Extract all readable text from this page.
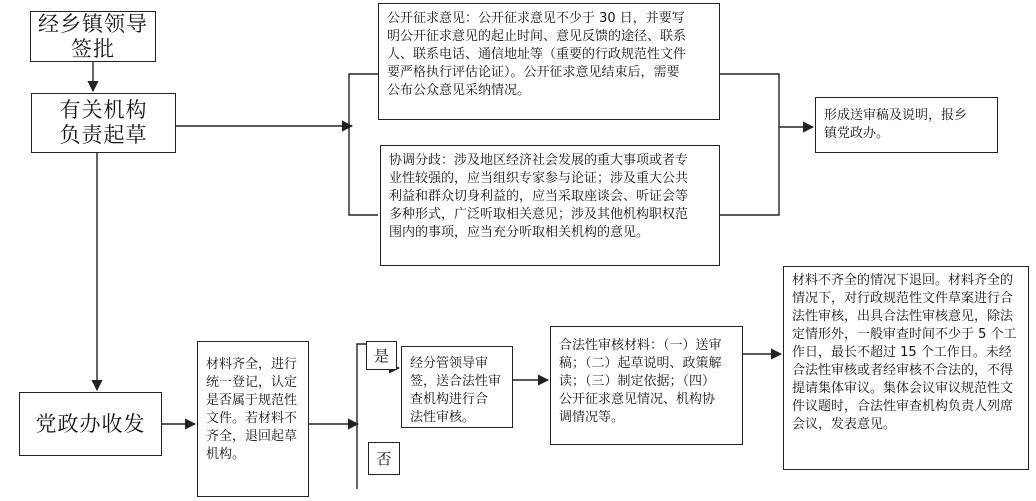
经乡镇领导
签批
有关机构
负责起草
党政办收发
公开征求意见：公开征求意见不少于 30 日，并要写
明公开征求意见的起止时间、意见反馈的途径、联系
人、联系电话、通信地址等（重要的行政规范性文件
要严格执行评估论证）。公开征求意见结束后，需要
公布公众意见采纳情况。
协调分歧：涉及地区经济社会发展的重大事项或者专
业性较强的，应当组织专家参与论证；涉及重大公共
利益和群众切身利益的，应当采取座谈会、听证会等
多种形式，广泛听取相关意见；涉及其他机构职权范
围内的事项，应当充分听取相关机构的意见。
形成送审稿及说明，报乡
镇党政办。
材料齐全，进行
统一登记，认定
是否属于规范性
文件。若材料不
齐全，退回起草
机构。
是
否
经分管领导审
签，送合法性审
查机构进行合
法性审核。
合法性审核材料：（一）送审
稿；（二）起草说明、政策解
读；（三）制定依据；（四）
公开征求意见情况、机构协
调情况等。
材料不齐全的情况下退回。材料齐全的
情况下，对行政规范性文件草案进行合
法性审核，出具合法性审核意见，除法
定情形外，一般审查时间不少于 5 个工
作日，最长不超过 15 个工作日。未经
合法性审核或者经审核不合法的，不得
提请集体审议。集体会议审议规范性文
件议题时，合法性审查机构负责人列席
会议，发表意见。
